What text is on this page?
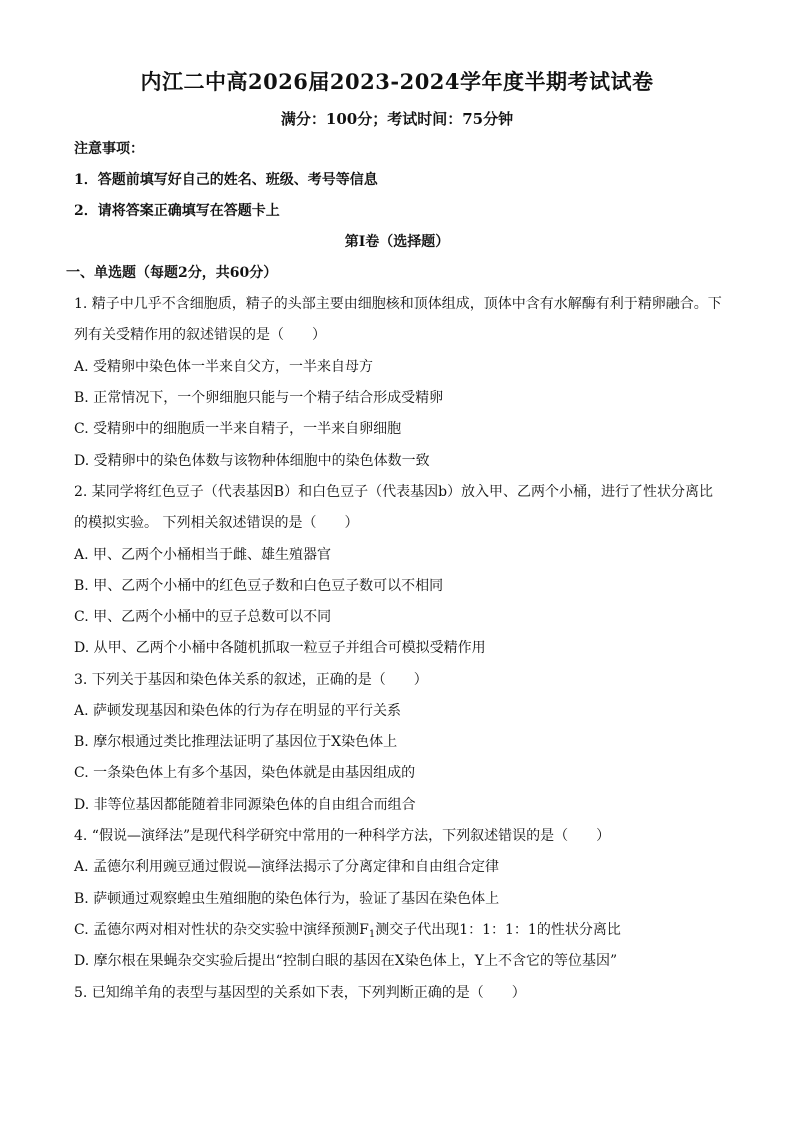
内江二中高2026届2023-2024学年度半期考试试卷
满分：100分；考试时间：75分钟
注意事项：
1．答题前填写好自己的姓名、班级、考号等信息
2．请将答案正确填写在答题卡上
第I卷（选择题）
一、单选题（每题2分，共60分）
1. 精子中几乎不含细胞质，精子的头部主要由细胞核和顶体组成，顶体中含有水解酶有利于精卵融合。下
列有关受精作用的叙述错误的是（　　）
A. 受精卵中染色体一半来自父方，一半来自母方
B. 正常情况下，一个卵细胞只能与一个精子结合形成受精卵
C. 受精卵中的细胞质一半来自精子，一半来自卵细胞
D. 受精卵中的染色体数与该物种体细胞中的染色体数一致
2. 某同学将红色豆子（代表基因B）和白色豆子（代表基因b）放入甲、乙两个小桶，进行了性状分离比
的模拟实验。 下列相关叙述错误的是（　　）
A. 甲、乙两个小桶相当于雌、雄生殖器官
B. 甲、乙两个小桶中的红色豆子数和白色豆子数可以不相同
C. 甲、乙两个小桶中的豆子总数可以不同
D. 从甲、乙两个小桶中各随机抓取一粒豆子并组合可模拟受精作用
3. 下列关于基因和染色体关系的叙述，正确的是（　　）
A. 萨顿发现基因和染色体的行为存在明显的平行关系
B. 摩尔根通过类比推理法证明了基因位于X染色体上
C. 一条染色体上有多个基因，染色体就是由基因组成的
D. 非等位基因都能随着非同源染色体的自由组合而组合
4. “假说—演绎法”是现代科学研究中常用的一种科学方法，下列叙述错误的是（　　）
A. 孟德尔利用豌豆通过假说—演绎法揭示了分离定律和自由组合定律
B. 萨顿通过观察蝗虫生殖细胞的染色体行为，验证了基因在染色体上
C. 孟德尔两对相对性状的杂交实验中演绎预测$F_1$测交子代出现1：1：1：1的性状分离比
D. 摩尔根在果蝇杂交实验后提出“控制白眼的基因在X染色体上，Y上不含它的等位基因”
5. 已知绵羊角的表型与基因型的关系如下表，下列判断正确的是（　　）
